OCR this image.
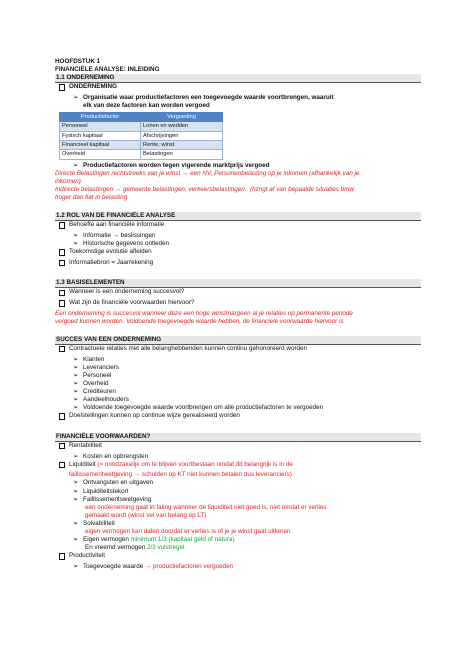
HOOFDSTUK 1
FINANCIËLE ANALYSE: INLEIDING
1.1 ONDERNEMING
ONDERNEMING
➢ Organisatie waar productiefactoren een toegevoegde waarde voortbrengen, waaruit
elk van deze factoren kan worden vergoed
Productiefactor	Vergoeding
Personeel	Lonen en wedden
Fysisch kapitaal	Afschrijvingen
Financieel kapitaal	Rente, winst
Overheid	Belastingen
➢ Productiefactoren worden tegen vigerende marktprijs vergoed
Directe Belastingen rechtstreeks van je winst → een NV, Personenbelasting op je inkomen (afhankelijk van je
inkomen)
Indirecte belastingen → gemeente belastingen, verkeersbelastingen.. (hzngt af van bepaalde situaties bmw
hoger dan fiat in belasting
1.2 ROL VAN DE FINANCIËLE ANALYSE
Behoefte aan financiële informatie
➢ Informatie → beslissingen
➢ Historische gegevens ontleden
Toekomstige evolutie afleiden
Informatiebron = Jaarrekening
1.3 BASISELEMENTEN
Wanneer is een onderneming succesvol?
Wat zijn de financiële voorwaarden hiervoor?
Een onderneming is succesvol wanneer deze een hoge winstmargeen al je relaties op permanente periode
vergoed kunnen worden. Voldoende toegevoegde waarde hebben, de financiele voorwaarde hiervoor is
SUCCES VAN EEN ONDERNEMING
Contractuele relaties met alle belanghebbenden kunnen continu gehonoreerd worden
➢ Klanten
➢ Leveranciers
➢ Personeel
➢ Overheid
➢ Crediteuren
➢ Aandeelhouders
➢ Voldoende toegevoegde waarde voortbrengen om alle productiefactoren te vergoeden
Doelstellingen kunnen op continue wijze gerealiseerd worden
FINANCIËLE VOORWAARDEN?
Rentabiliteit
➢ Kosten en opbrengsten
Liquiditeit (= noodzakelijk om te blijven voortbestaan omdat dit belangrijk is in de
faillissementwetgeving → schulden op KT niet kunnen betalen dus leveranciers)
➢ Ontvangsten en uitgaven
➢ Liquiditeitstekort
➢ Faillissementswetgeving
een onderneming gaat in faling wanneer de liquiditeit niet goed is, niet omdat er verlies
gemaakt wordt (winst vel van belang op LT)
➢ Solvabiliteit
eigen vermogen kan dalen doordat er verlies is of je je winst gaat uitkeren
➢ Eigen vermogen minimum 1/3 (kapitaal geld of natura)
En vreemd vermogen 2/3 vuistregel
Productiviteit
➢ Toegevoegde waarde → productiefactoren vergoeden
